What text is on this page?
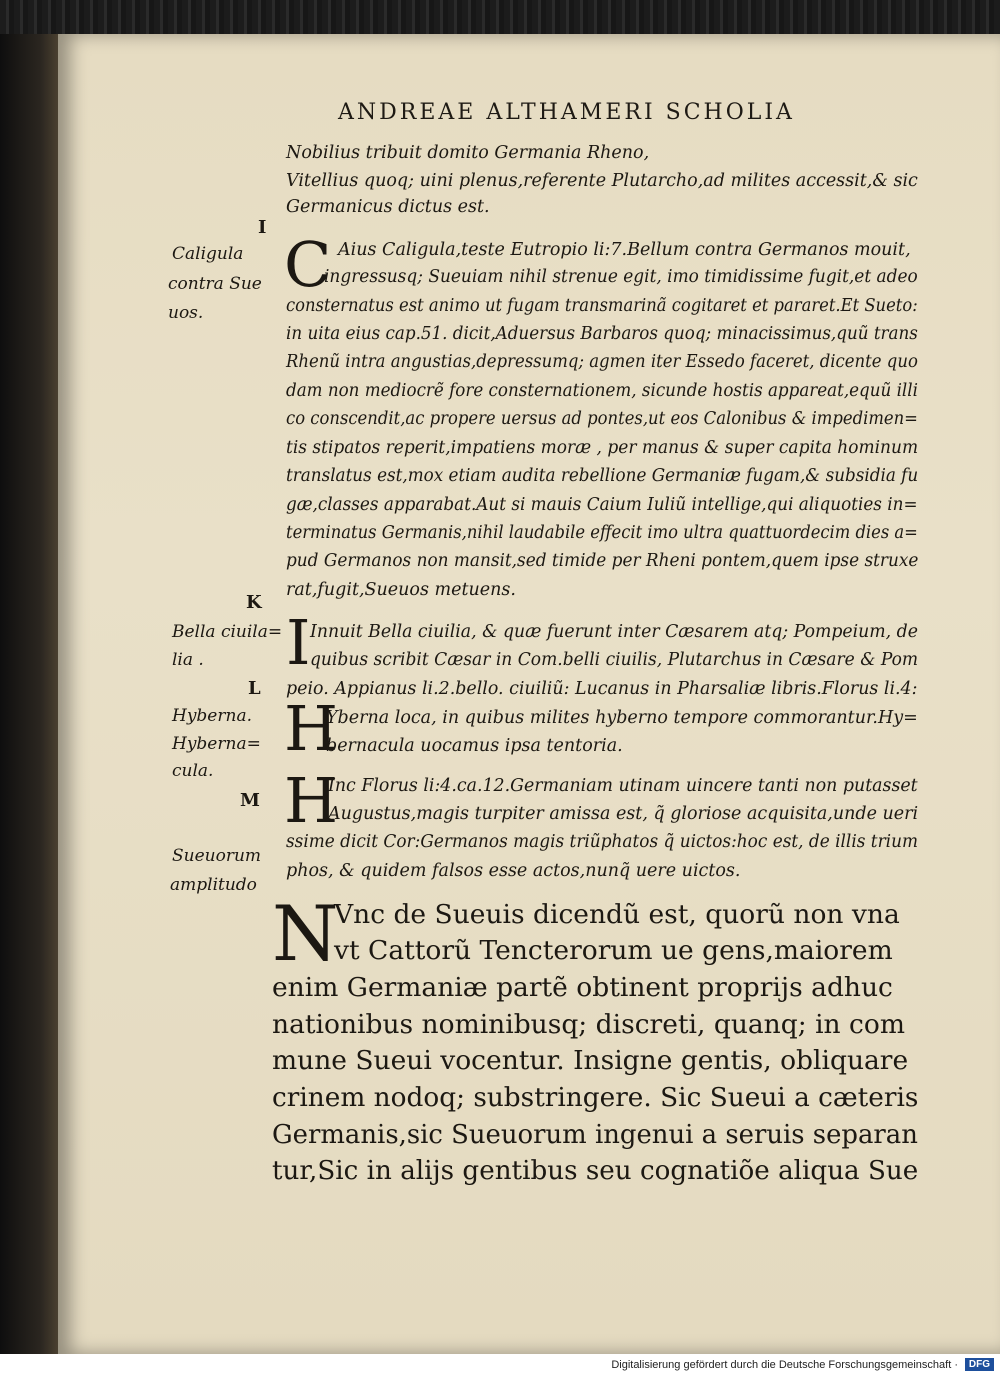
ANDREAE ALTHAMERI SCHOLIA
Nobilius tribuit domito Germania Rheno,
Vitellius quoq; uini plenus,referente Plutarcho,ad milites accessit,& sic
Germanicus dictus est.
I
Caligula
contra Sue
uos.
C Aius Caligula,teste Eutropio li:7.Bellum contra Germanos mouit,
ingressusq; Sueuiam nihil strenue egit, imo timidissime fugit,et adeo
consternatus est animo ut fugam transmarinã cogitaret et pararet.Et Sueto:
in uita eius cap.51. dicit,Aduersus Barbaros quoq; minacissimus,quũ trans
Rhenũ intra angustias,depressumq; agmen iter Essedo faceret, dicente quo
dam non mediocrẽ fore consternationem, sicunde hostis appareat,equũ illi
co conscendit,ac propere uersus ad pontes,ut eos Calonibus & impedimen=
tis stipatos reperit,impatiens moræ , per manus & super capita hominum
translatus est,mox etiam audita rebellione Germaniæ fugam,& subsidia fu
gæ,classes apparabat.Aut si mauis Caium Iuliũ intellige,qui aliquoties in=
terminatus Germanis,nihil laudabile effecit imo ultra quattuordecim dies a=
pud Germanos non mansit,sed timide per Rheni pontem,quem ipse struxe
rat,fugit,Sueuos metuens.
K
Bella ciuila=
lia . I Innuit Bella ciuilia, & quæ fuerunt inter Cæsarem atq; Pompeium, de
quibus scribit Cæsar in Com.belli ciuilis, Plutarchus in Cæsare & Pom
peio. Appianus li.2.bello. ciuiliũ: Lucanus in Pharsaliæ libris.Florus li.4:
L
Hyberna.
Hyberna=
cula.
H
Yberna loca, in quibus milites hyberno tempore commorantur.Hy=
bernacula uocamus ipsa tentoria.
M
Sueuorum
amplitudo
H
Inc Florus li:4.ca.12.Germaniam utinam uincere tanti non putasset
Augustus,magis turpiter amissa est, q̃ gloriose acquisita,unde ueri
ssime dicit Cor:Germanos magis triũphatos q̃ uictos:hoc est, de illis trium
phos, & quidem falsos esse actos,nunq̃ uere uictos.
N
Vnc de Sueuis dicendũ est, quorũ non vna
vt Cattorũ Tencterorum ue gens,maiorem
enim Germaniæ partẽ obtinent proprijs adhuc
nationibus nominibusq; discreti, quanq; in com
mune Sueui vocentur. Insigne gentis, obliquare
crinem nodoq; substringere. Sic Sueui a cæteris
Germanis,sic Sueuorum ingenui a seruis separan
tur,Sic in alijs gentibus seu cognatiõe aliqua Sue
Digitalisierung gefördert durch die Deutsche Forschungsgemeinschaft ·	DFG
